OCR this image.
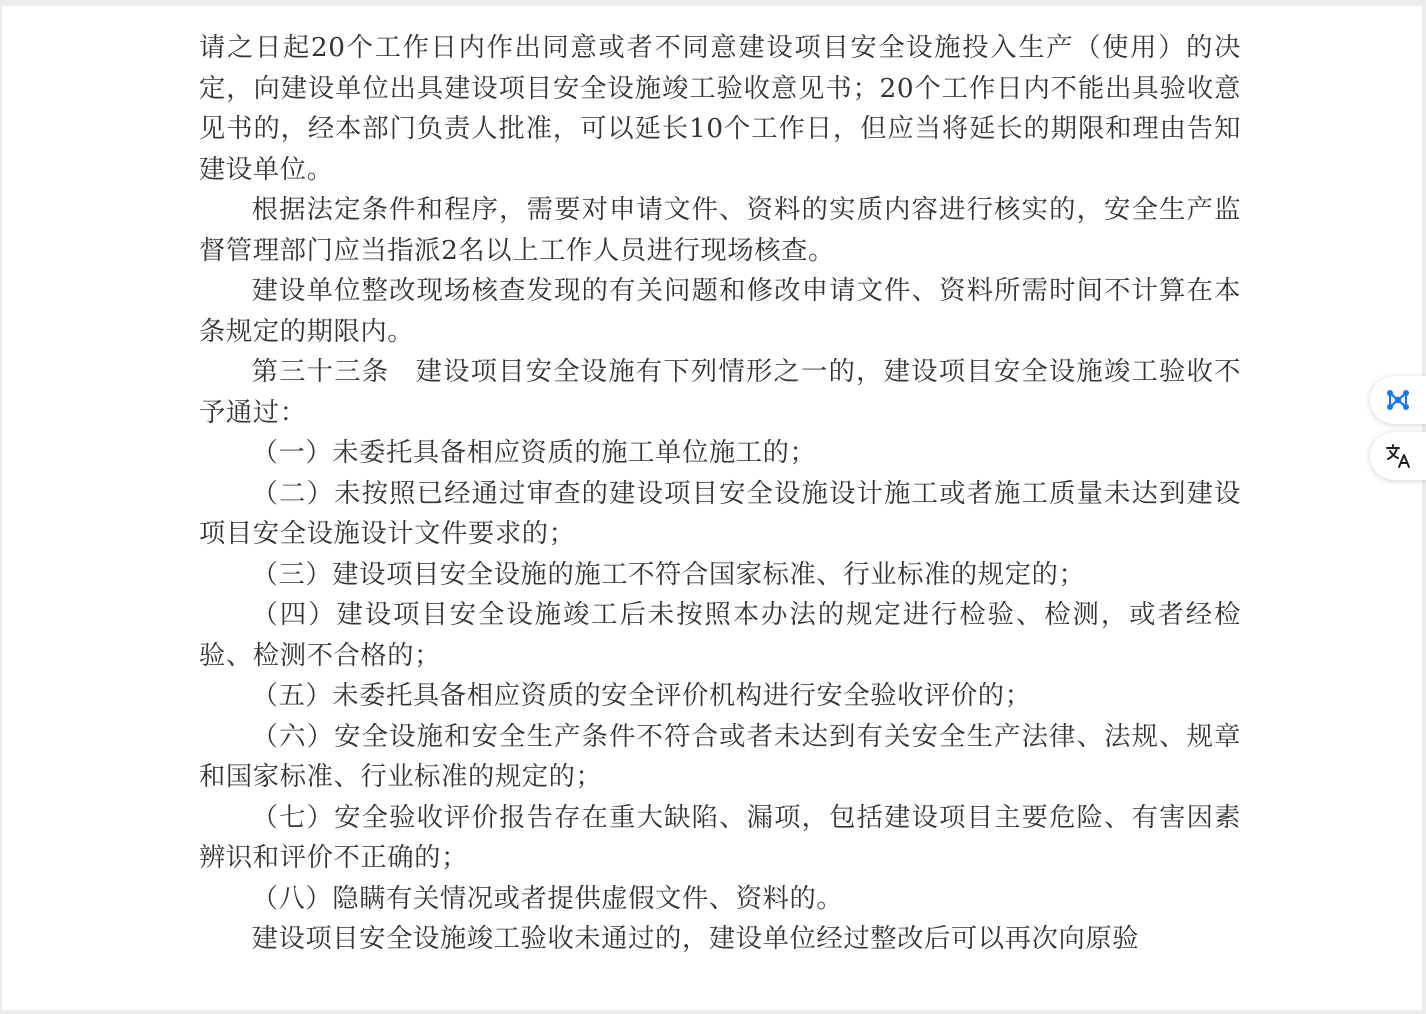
请之日起20个工作日内作出同意或者不同意建设项目安全设施投入生产（使用）的决定，向建设单位出具建设项目安全设施竣工验收意见书；20个工作日内不能出具验收意见书的，经本部门负责人批准，可以延长10个工作日，但应当将延长的期限和理由告知建设单位。

根据法定条件和程序，需要对申请文件、资料的实质内容进行核实的，安全生产监督管理部门应当指派2名以上工作人员进行现场核查。

建设单位整改现场核查发现的有关问题和修改申请文件、资料所需时间不计算在本条规定的期限内。

第三十三条 建设项目安全设施有下列情形之一的，建设项目安全设施竣工验收不予通过：

（一）未委托具备相应资质的施工单位施工的；

（二）未按照已经通过审查的建设项目安全设施设计施工或者施工质量未达到建设项目安全设施设计文件要求的；

（三）建设项目安全设施的施工不符合国家标准、行业标准的规定的；

（四）建设项目安全设施竣工后未按照本办法的规定进行检验、检测，或者经检验、检测不合格的；

（五）未委托具备相应资质的安全评价机构进行安全验收评价的；

（六）安全设施和安全生产条件不符合或者未达到有关安全生产法律、法规、规章和国家标准、行业标准的规定的；

（七）安全验收评价报告存在重大缺陷、漏项，包括建设项目主要危险、有害因素辨识和评价不正确的；

（八）隐瞒有关情况或者提供虚假文件、资料的。

建设项目安全设施竣工验收未通过的，建设单位经过整改后可以再次向原验
